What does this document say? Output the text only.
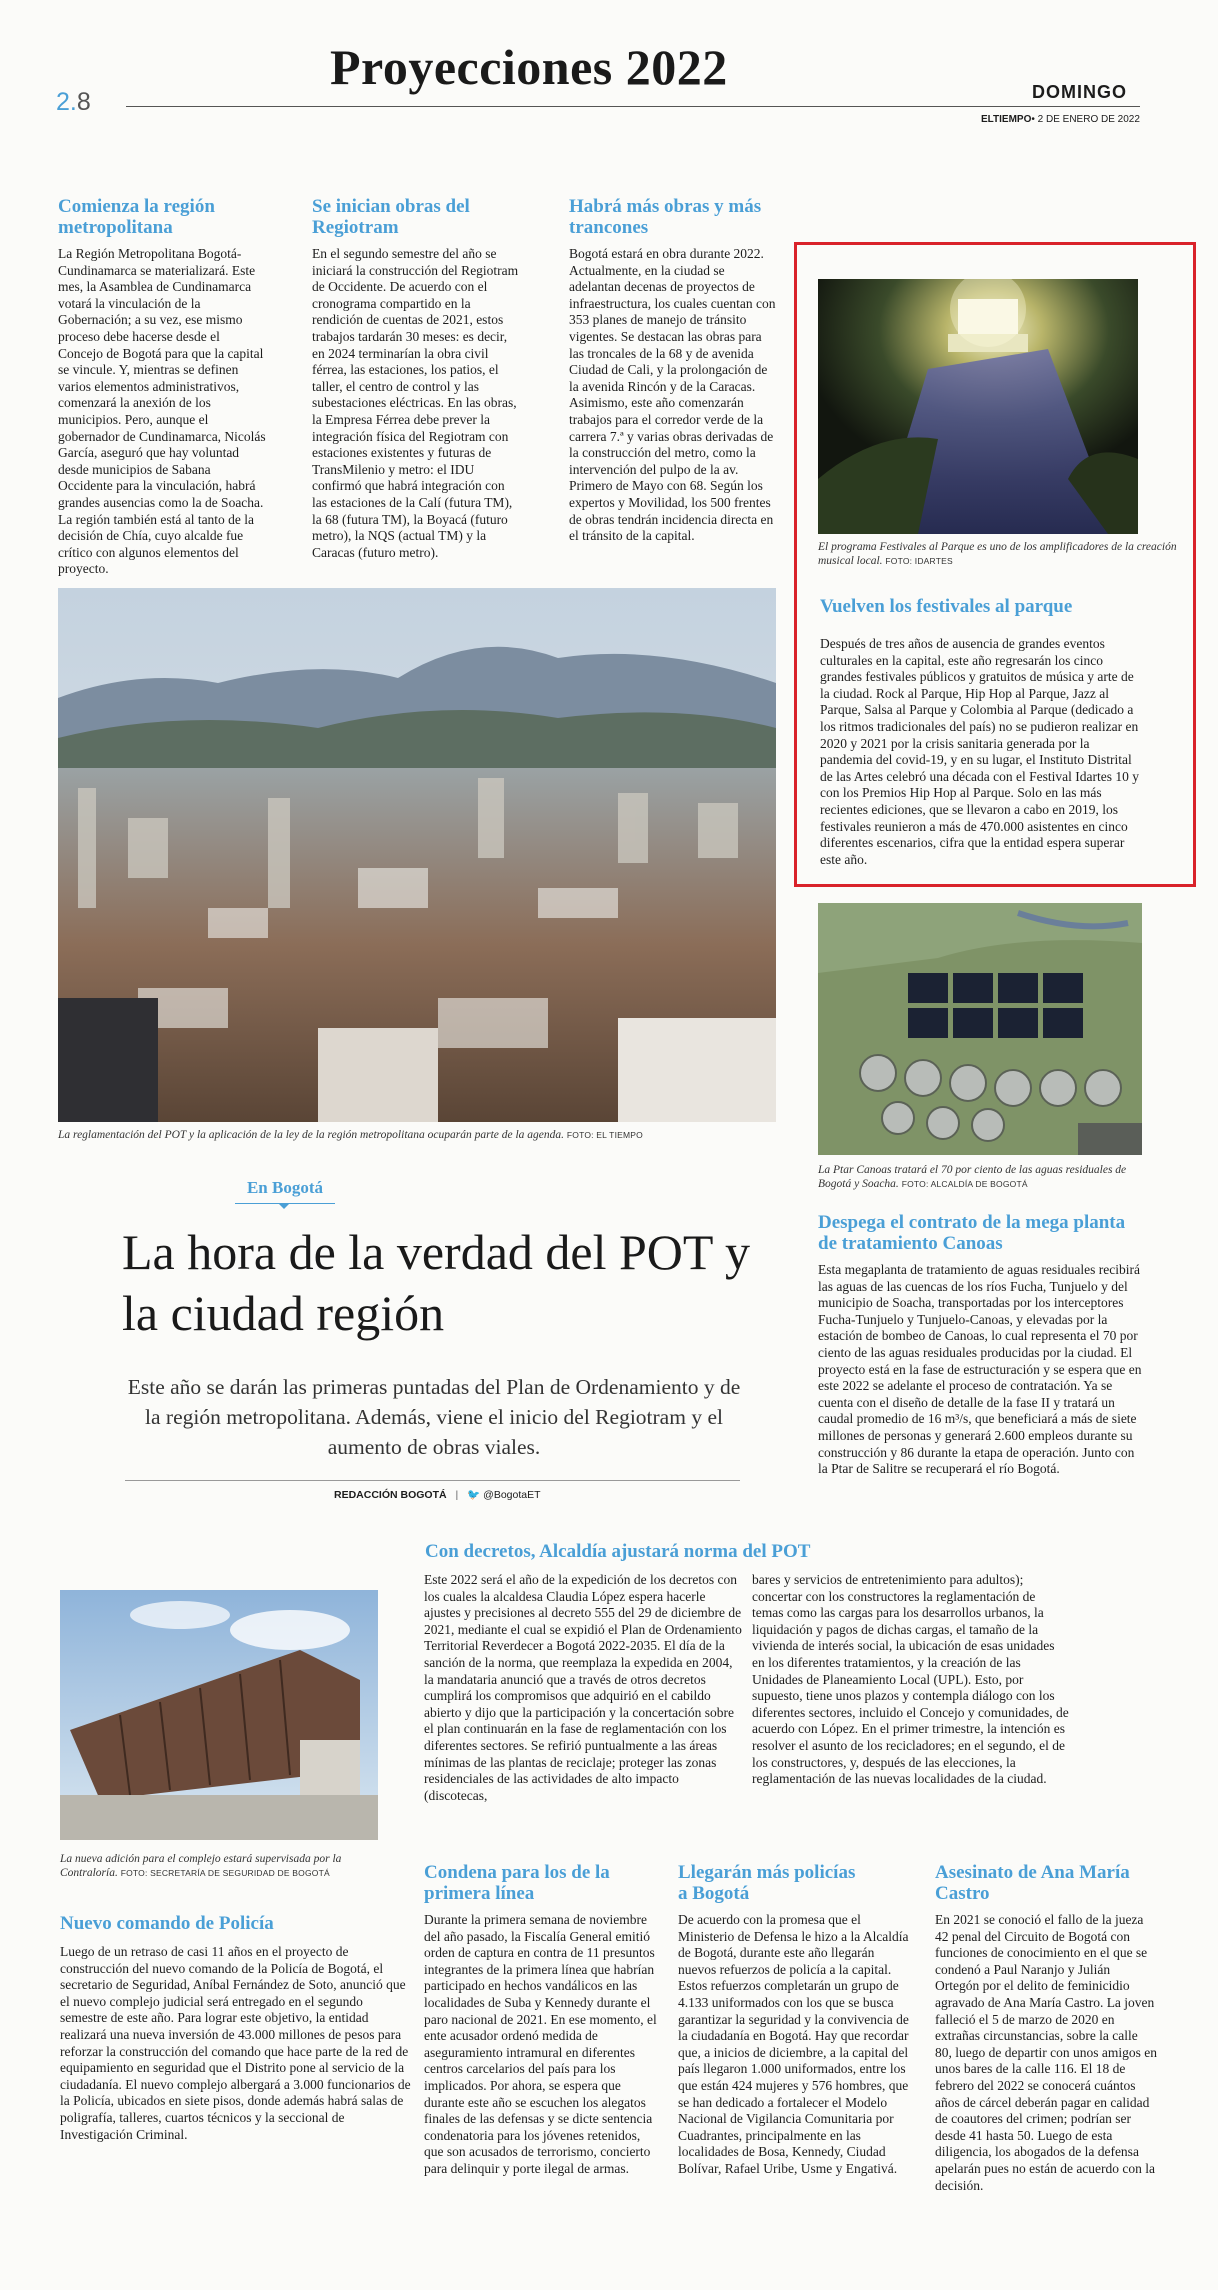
2.8
Proyecciones 2022	DOMINGO
ELTIEMPO• 2 DE ENERO DE 2022
Comienza la región metropolitana
La Región Metropolitana Bogotá-Cundinamarca se materializará. Este mes, la Asamblea de Cundinamarca votará la vinculación de la Gobernación; a su vez, ese mismo proceso debe hacerse desde el Concejo de Bogotá para que la capital se vincule. Y, mientras se definen varios elementos administrativos, comenzará la anexión de los municipios. Pero, aunque el gobernador de Cundinamarca, Nicolás García, aseguró que hay voluntad desde municipios de Sabana Occidente para la vinculación, habrá grandes ausencias como la de Soacha. La región también está al tanto de la decisión de Chía, cuyo alcalde fue crítico con algunos elementos del proyecto.
Se inician obras del Regiotram
En el segundo semestre del año se iniciará la construcción del Regiotram de Occidente. De acuerdo con el cronograma compartido en la rendición de cuentas de 2021, estos trabajos tardarán 30 meses: es decir, en 2024 terminarían la obra civil férrea, las estaciones, los patios, el taller, el centro de control y las subestaciones eléctricas. En las obras, la Empresa Férrea debe prever la integración física del Regiotram con estaciones existentes y futuras de TransMilenio y metro: el IDU confirmó que habrá integración con las estaciones de la Calí (futura TM), la 68 (futura TM), la Boyacá (futuro metro), la NQS (actual TM) y la Caracas (futuro metro).
Habrá más obras y más trancones
Bogotá estará en obra durante 2022. Actualmente, en la ciudad se adelantan decenas de proyectos de infraestructura, los cuales cuentan con 353 planes de manejo de tránsito vigentes. Se destacan las obras para las troncales de la 68 y de avenida Ciudad de Cali, y la prolongación de la avenida Rincón y de la Caracas. Asimismo, este año comenzarán trabajos para el corredor verde de la carrera 7.ª y varias obras derivadas de la construcción del metro, como la intervención del pulpo de la av. Primero de Mayo con 68. Según los expertos y Movilidad, los 500 frentes de obras tendrán incidencia directa en el tránsito de la capital.
El programa Festivales al Parque es uno de los amplificadores de la creación musical local. FOTO: IDARTES
Vuelven los festivales al parque
Después de tres años de ausencia de grandes eventos culturales en la capital, este año regresarán los cinco grandes festivales públicos y gratuitos de música y arte de la ciudad. Rock al Parque, Hip Hop al Parque, Jazz al Parque, Salsa al Parque y Colombia al Parque (dedicado a los ritmos tradicionales del país) no se pudieron realizar en 2020 y 2021 por la crisis sanitaria generada por la pandemia del covid-19, y en su lugar, el Instituto Distrital de las Artes celebró una década con el Festival Idartes 10 y con los Premios Hip Hop al Parque. Solo en las más recientes ediciones, que se llevaron a cabo en 2019, los festivales reunieron a más de 470.000 asistentes en cinco diferentes escenarios, cifra que la entidad espera superar este año.
La reglamentación del POT y la aplicación de la ley de la región metropolitana ocuparán parte de la agenda. FOTO: EL TIEMPO
La Ptar Canoas tratará el 70 por ciento de las aguas residuales de Bogotá y Soacha. FOTO: ALCALDÍA DE BOGOTÁ
Despega el contrato de la mega planta de tratamiento Canoas
Esta megaplanta de tratamiento de aguas residuales recibirá las aguas de las cuencas de los ríos Fucha, Tunjuelo y del municipio de Soacha, transportadas por los interceptores Fucha-Tunjuelo y Tunjuelo-Canoas, y elevadas por la estación de bombeo de Canoas, lo cual representa el 70 por ciento de las aguas residuales producidas por la ciudad. El proyecto está en la fase de estructuración y se espera que en este 2022 se adelante el proceso de contratación. Ya se cuenta con el diseño de detalle de la fase II y tratará un caudal promedio de 16 m³/s, que beneficiará a más de siete millones de personas y generará 2.600 empleos durante su construcción y 86 durante la etapa de operación. Junto con la Ptar de Salitre se recuperará el río Bogotá.
En Bogotá
La hora de la verdad del POT y la ciudad región
Este año se darán las primeras puntadas del Plan de Ordenamiento y de la región metropolitana. Además, viene el inicio del Regiotram y el aumento de obras viales.
REDACCIÓN BOGOTÁ | 🐦 @BogotaET
Con decretos, Alcaldía ajustará norma del POT
Este 2022 será el año de la expedición de los decretos con los cuales la alcaldesa Claudia López espera hacerle ajustes y precisiones al decreto 555 del 29 de diciembre de 2021, mediante el cual se expidió el Plan de Ordenamiento Territorial Reverdecer a Bogotá 2022-2035. El día de la sanción de la norma, que reemplaza la expedida en 2004, la mandataria anunció que a través de otros decretos cumplirá los compromisos que adquirió en el cabildo abierto y dijo que la participación y la concertación sobre el plan continuarán en la fase de reglamentación con los diferentes sectores. Se refirió puntualmente a las áreas mínimas de las plantas de reciclaje; proteger las zonas residenciales de las actividades de alto impacto (discotecas,
bares y servicios de entretenimiento para adultos); concertar con los constructores la reglamentación de temas como las cargas para los desarrollos urbanos, la liquidación y pagos de dichas cargas, el tamaño de la vivienda de interés social, la ubicación de esas unidades en los diferentes tratamientos, y la creación de las Unidades de Planeamiento Local (UPL). Esto, por supuesto, tiene unos plazos y contempla diálogo con los diferentes sectores, incluido el Concejo y comunidades, de acuerdo con López. En el primer trimestre, la intención es resolver el asunto de los recicladores; en el segundo, el de los constructores, y, después de las elecciones, la reglamentación de las nuevas localidades de la ciudad.
La nueva adición para el complejo estará supervisada por la Contraloría. FOTO: SECRETARÍA DE SEGURIDAD DE BOGOTÁ
Nuevo comando de Policía
Luego de un retraso de casi 11 años en el proyecto de construcción del nuevo comando de la Policía de Bogotá, el secretario de Seguridad, Aníbal Fernández de Soto, anunció que el nuevo complejo judicial será entregado en el segundo semestre de este año. Para lograr este objetivo, la entidad realizará una nueva inversión de 43.000 millones de pesos para reforzar la construcción del comando que hace parte de la red de equipamiento en seguridad que el Distrito pone al servicio de la ciudadanía. El nuevo complejo albergará a 3.000 funcionarios de la Policía, ubicados en siete pisos, donde además habrá salas de poligrafía, talleres, cuartos técnicos y la seccional de Investigación Criminal.
Condena para los de la primera línea
Durante la primera semana de noviembre del año pasado, la Fiscalía General emitió orden de captura en contra de 11 presuntos integrantes de la primera línea que habrían participado en hechos vandálicos en las localidades de Suba y Kennedy durante el paro nacional de 2021. En ese momento, el ente acusador ordenó medida de aseguramiento intramural en diferentes centros carcelarios del país para los implicados. Por ahora, se espera que durante este año se escuchen los alegatos finales de las defensas y se dicte sentencia condenatoria para los jóvenes retenidos, que son acusados de terrorismo, concierto para delinquir y porte ilegal de armas.
Llegarán más policías a Bogotá
De acuerdo con la promesa que el Ministerio de Defensa le hizo a la Alcaldía de Bogotá, durante este año llegarán nuevos refuerzos de policía a la capital. Estos refuerzos completarán un grupo de 4.133 uniformados con los que se busca garantizar la seguridad y la convivencia de la ciudadanía en Bogotá. Hay que recordar que, a inicios de diciembre, a la capital del país llegaron 1.000 uniformados, entre los que están 424 mujeres y 576 hombres, que se han dedicado a fortalecer el Modelo Nacional de Vigilancia Comunitaria por Cuadrantes, principalmente en las localidades de Bosa, Kennedy, Ciudad Bolívar, Rafael Uribe, Usme y Engativá.
Asesinato de Ana María Castro
En 2021 se conoció el fallo de la jueza 42 penal del Circuito de Bogotá con funciones de conocimiento en el que se condenó a Paul Naranjo y Julián Ortegón por el delito de feminicidio agravado de Ana María Castro. La joven falleció el 5 de marzo de 2020 en extrañas circunstancias, sobre la calle 80, luego de departir con unos amigos en unos bares de la calle 116. El 18 de febrero del 2022 se conocerá cuántos años de cárcel deberán pagar en calidad de coautores del crimen; podrían ser desde 41 hasta 50. Luego de esta diligencia, los abogados de la defensa apelarán pues no están de acuerdo con la decisión.
